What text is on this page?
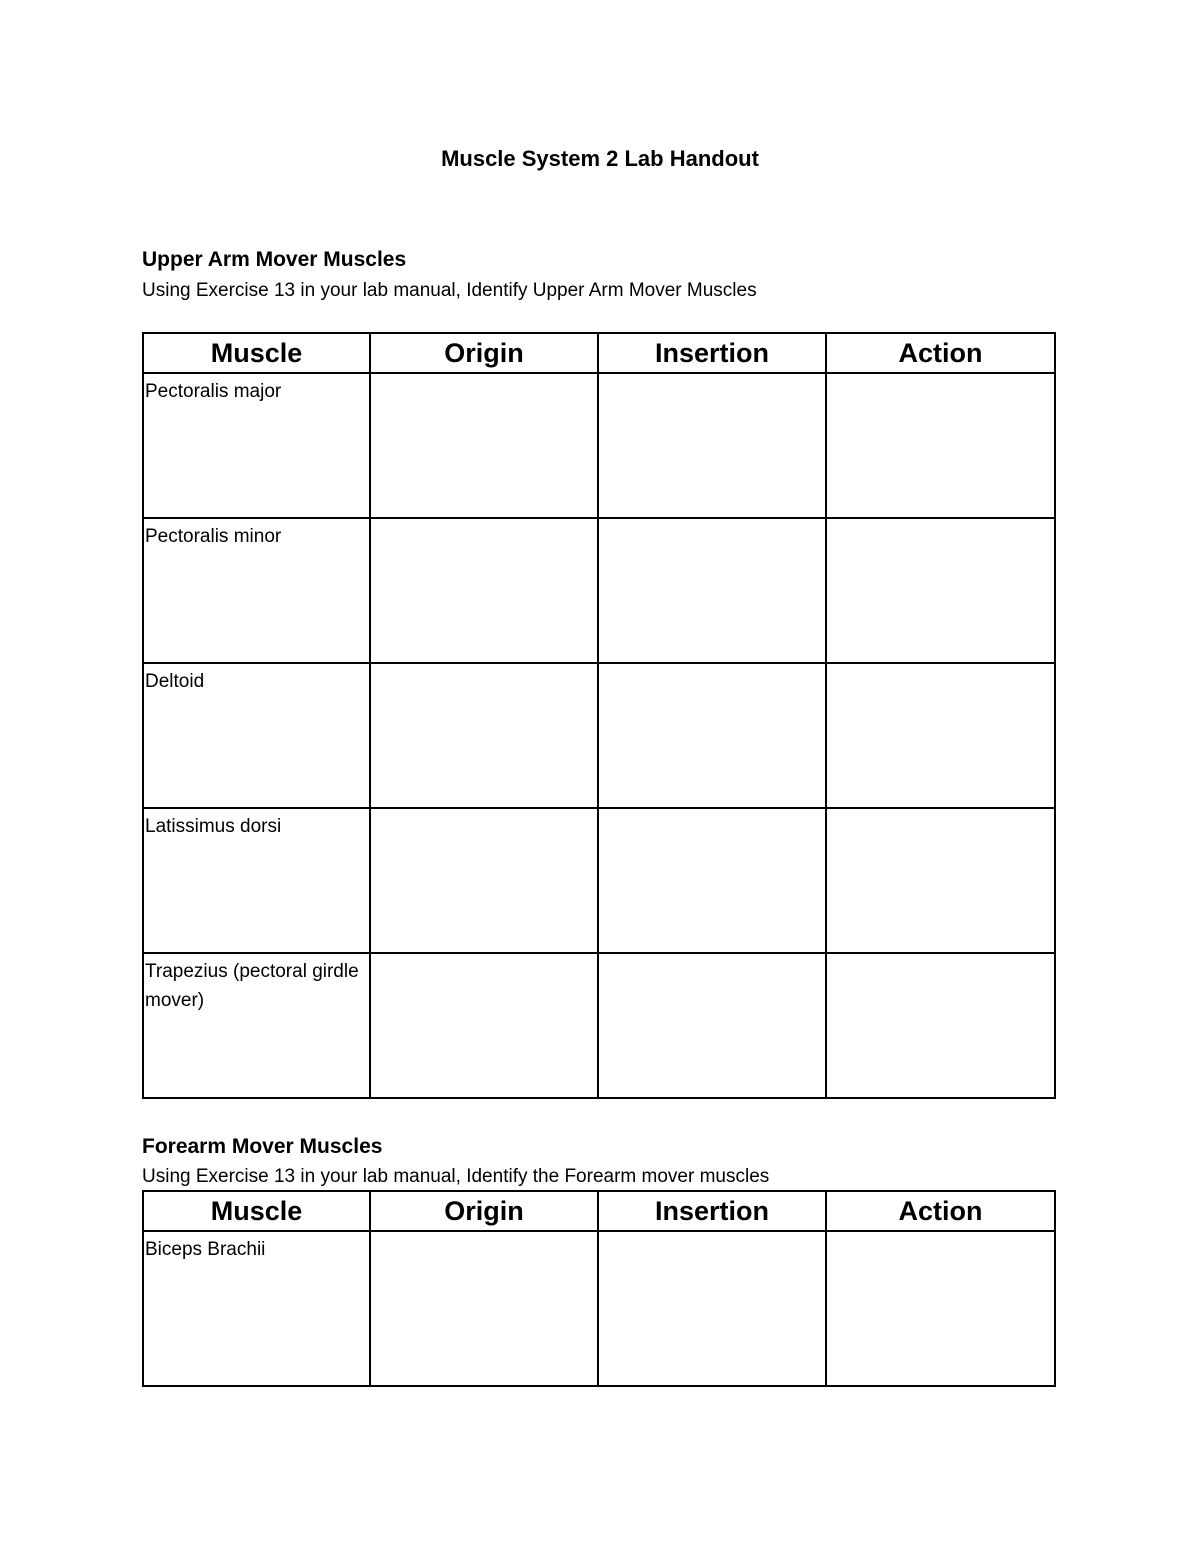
Muscle System 2 Lab Handout
Upper Arm Mover Muscles
Using Exercise 13 in your lab manual, Identify Upper Arm Mover Muscles
Muscle	Origin	Insertion	Action
Pectoralis major			
Pectoralis minor			
Deltoid			
Latissimus dorsi			
Trapezius (pectoral girdle mover)			
Forearm Mover Muscles
Using Exercise 13 in your lab manual, Identify the Forearm mover muscles
Muscle	Origin	Insertion	Action
Biceps Brachii			
